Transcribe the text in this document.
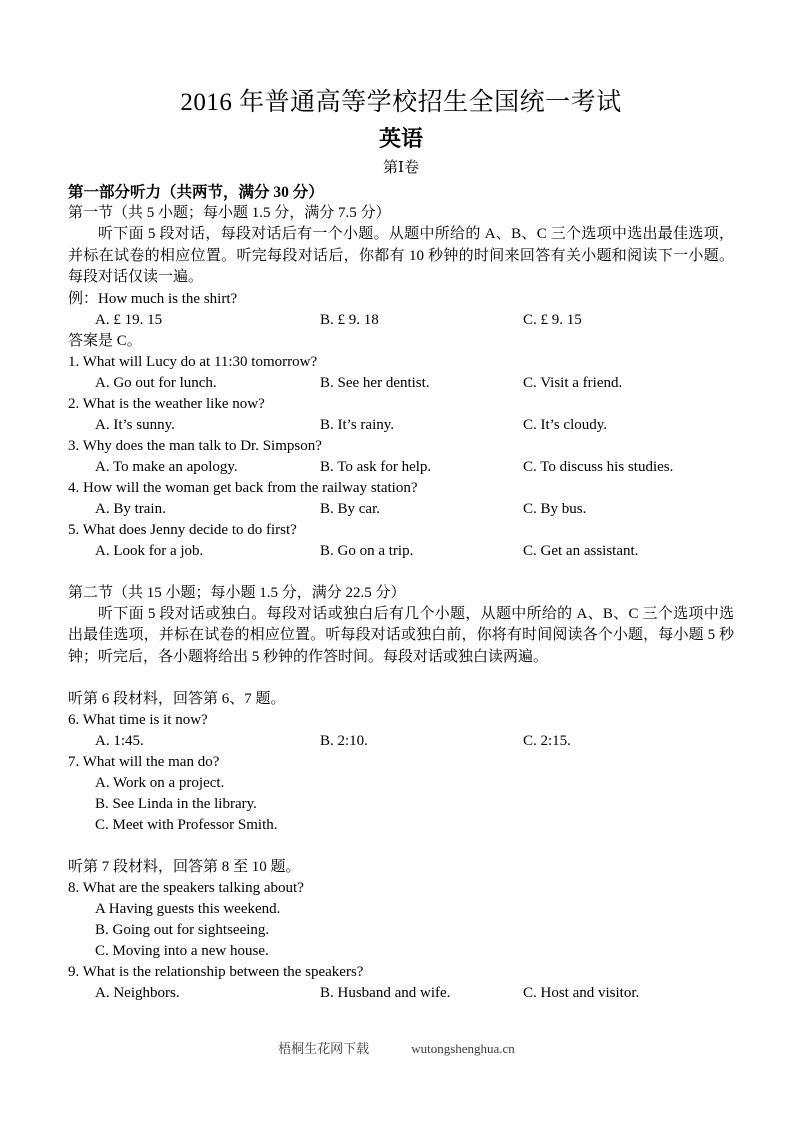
2016 年普通高等学校招生全国统一考试
英语
第Ⅰ卷
第一部分听力（共两节，满分 30 分）
第一节（共 5 小题；每小题 1.5 分，满分 7.5 分）
听下面 5 段对话，每段对话后有一个小题。从题中所给的 A、B、C 三个选项中选出最佳选项，并标在试卷的相应位置。听完每段对话后，你都有 10 秒钟的时间来回答有关小题和阅读下一小题。每段对话仅读一遍。
例：How much is the shirt?
A. £ 19. 15	B. £ 9. 18	C. £ 9. 15
答案是 C。
1. What will Lucy do at 11:30 tomorrow?
A. Go out for lunch.	B. See her dentist.	C. Visit a friend.
2. What is the weather like now?
A. It’s sunny.	B. It’s rainy.	C. It’s cloudy.
3. Why does the man talk to Dr. Simpson?
A. To make an apology.	B. To ask for help.	C. To discuss his studies.
4. How will the woman get back from the railway station?
A. By train.	B. By car.	C. By bus.
5. What does Jenny decide to do first?
A. Look for a job.	B. Go on a trip.	C. Get an assistant.
第二节（共 15 小题；每小题 1.5 分，满分 22.5 分）
听下面 5 段对话或独白。每段对话或独白后有几个小题，从题中所给的 A、B、C 三个选项中选出最佳选项，并标在试卷的相应位置。听每段对话或独白前，你将有时间阅读各个小题，每小题 5 秒钟；听完后，各小题将给出 5 秒钟的作答时间。每段对话或独白读两遍。
听第 6 段材料，回答第 6、7 题。
6. What time is it now?
A. 1:45.	B. 2:10.	C. 2:15.
7. What will the man do?
A. Work on a project.
B. See Linda in the library.
C. Meet with Professor Smith.
听第 7 段材料，回答第 8 至 10 题。
8. What are the speakers talking about?
A Having guests this weekend.
B. Going out for sightseeing.
C. Moving into a new house.
9. What is the relationship between the speakers?
A. Neighbors.	B. Husband and wife.	C. Host and visitor.
梧桐生花网下载	wutongshenghua.cn
